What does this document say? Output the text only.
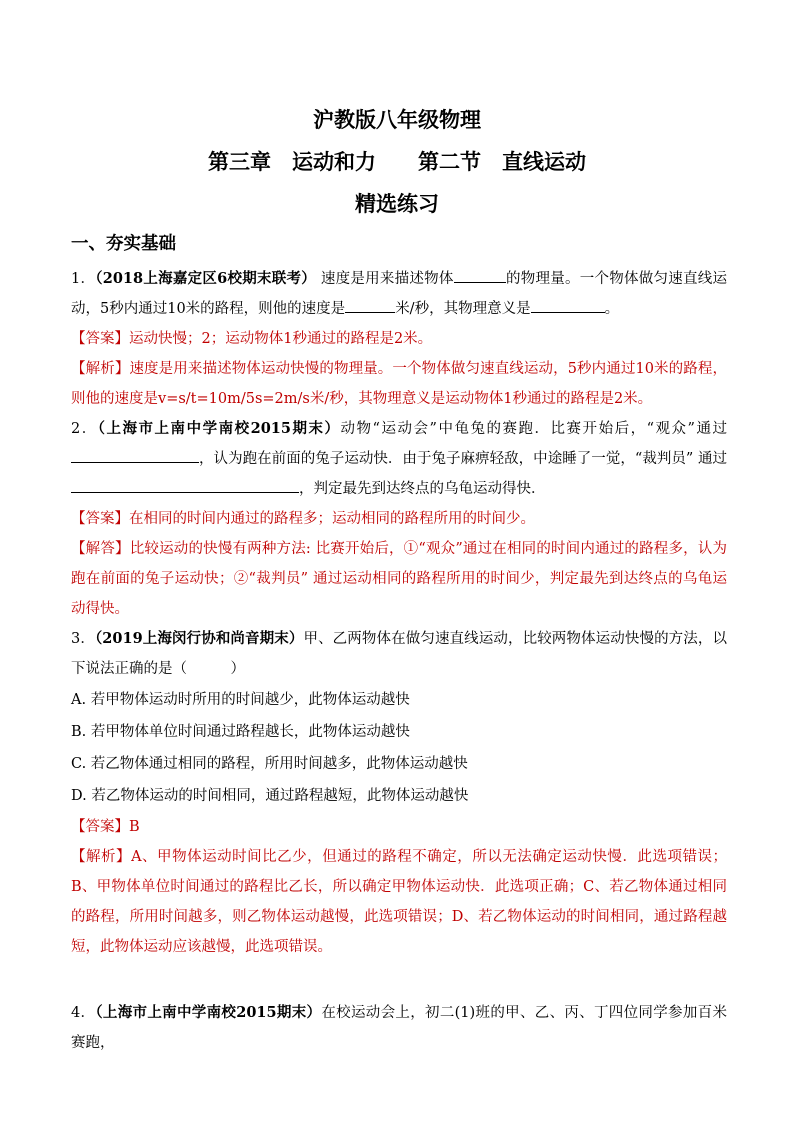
沪教版八年级物理

第三章　运动和力　　第二节　直线运动

精选练习

一、夯实基础

1．（2018上海嘉定区6校期末联考） 速度是用来描述物体	的物理量。一个物体做匀速直线运动，5秒内通过10米的路程，则他的速度是	米/秒，其物理意义是	。

【答案】运动快慢；2；运动物体1秒通过的路程是2米。

【解析】速度是用来描述物体运动快慢的物理量。一个物体做匀速直线运动，5秒内通过10米的路程，则他的速度是v=s/t=10m/5s=2m/s米/秒，其物理意义是运动物体1秒通过的路程是2米。

2．（上海市上南中学南校2015期末）动物“运动会”中龟兔的赛跑．比赛开始后，“观众”通过，认为跑在前面的兔子运动快．由于兔子麻痹轻敌，中途睡了一觉，“裁判员” 通过，判定最先到达终点的乌龟运动得快．

【答案】在相同的时间内通过的路程多；运动相同的路程所用的时间少。

【解答】比较运动的快慢有两种方法: 比赛开始后，①“观众”通过在相同的时间内通过的路程多，认为跑在前面的兔子运动快；②“裁判员” 通过运动相同的路程所用的时间少，判定最先到达终点的乌龟运动得快。

3．（2019上海闵行协和尚音期末）甲、乙两物体在做匀速直线运动，比较两物体运动快慢的方法，以下说法正确的是（　　　）

A. 若甲物体运动时所用的时间越少，此物体运动越快

B. 若甲物体单位时间通过路程越长，此物体运动越快

C. 若乙物体通过相同的路程，所用时间越多，此物体运动越快

D. 若乙物体运动的时间相同，通过路程越短，此物体运动越快

【答案】B

【解析】A、甲物体运动时间比乙少，但通过的路程不确定，所以无法确定运动快慢．此选项错误；B、甲物体单位时间通过的路程比乙长，所以确定甲物体运动快．此选项正确；C、若乙物体通过相同的路程，所用时间越多，则乙物体运动越慢，此选项错误；D、若乙物体运动的时间相同，通过路程越短，此物体运动应该越慢，此选项错误。

4．（上海市上南中学南校2015期末）在校运动会上，初二(1)班的甲、乙、丙、丁四位同学参加百米赛跑，
